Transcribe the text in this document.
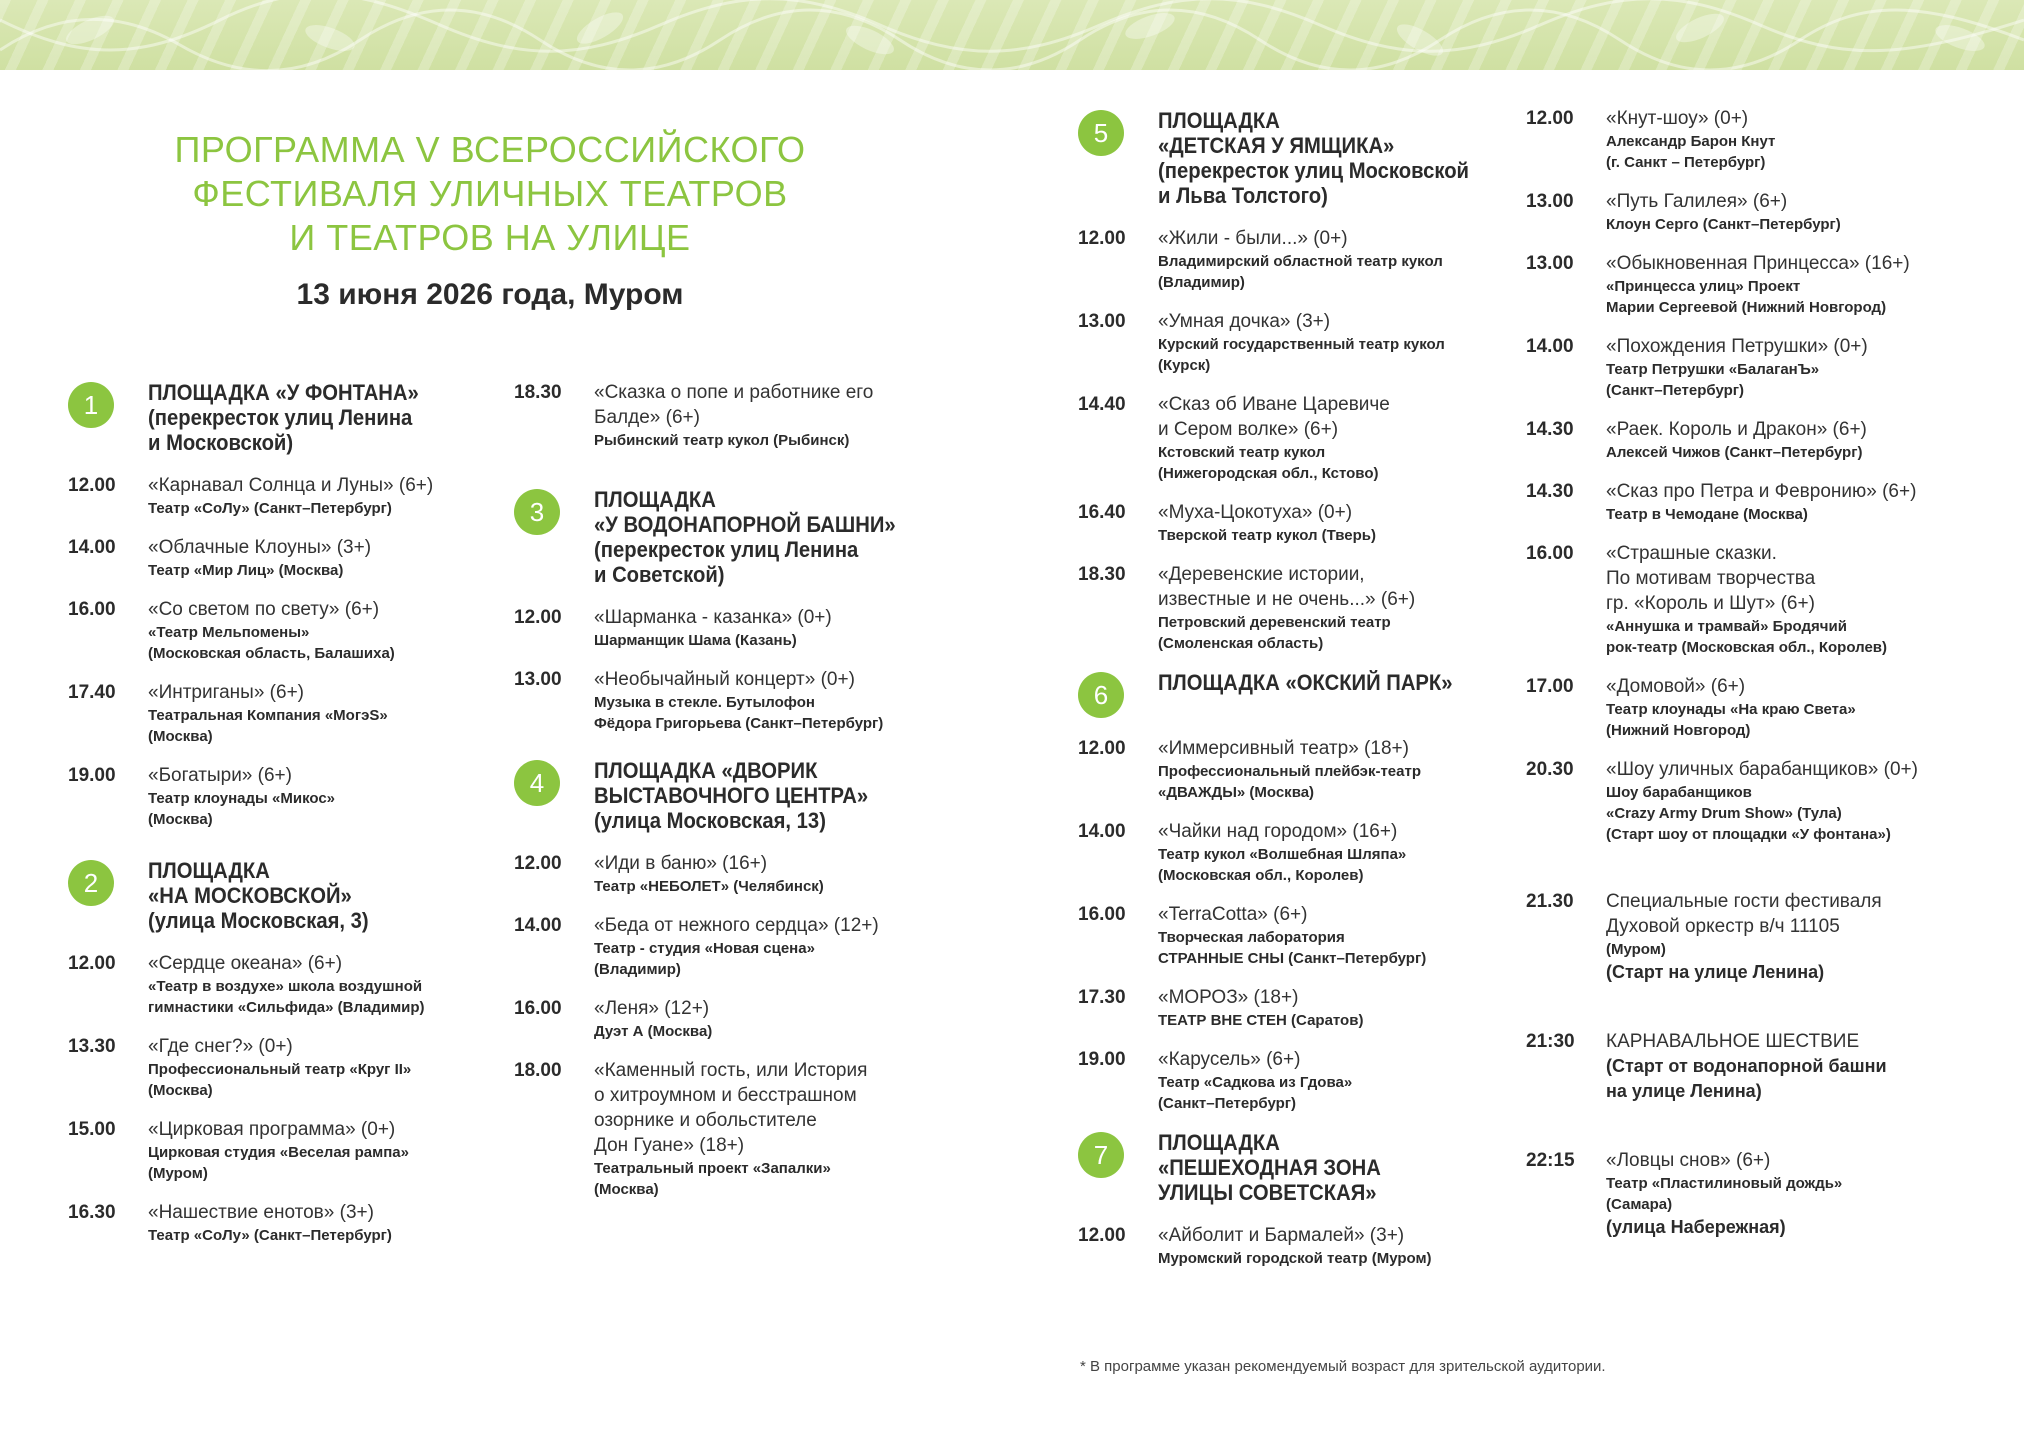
ПРОГРАММА V ВСЕРОССИЙСКОГО
ФЕСТИВАЛЯ УЛИЧНЫХ ТЕАТРОВ
И ТЕАТРОВ НА УЛИЦЕ
13 июня 2026 года, Муром
1	ПЛОЩАДКА «У ФОНТАНА»
(перекресток улиц Ленина
и Московской)
12.00	«Карнавал Солнца и Луны» (6+)
Театр «СоЛу» (Санкт–Петербург)
14.00	«Облачные Клоуны» (3+)
Театр «Мир Лиц» (Москва)
16.00	«Со светом по свету» (6+)
«Театр Мельпомены»
(Московская область, Балашиха)
17.40	«Интриганы» (6+)
Театральная Компания «MoгэS»
(Москва)
19.00	«Богатыри» (6+)
Театр клоунады «Микос»
(Москва)
2	ПЛОЩАДКА
«НА МОСКОВСКОЙ»
(улица Московская, 3)
12.00	«Сердце океана» (6+)
«Театр в воздухе» школа воздушной
гимнастики «Сильфида» (Владимир)
13.30	«Где снег?» (0+)
Профессиональный театр «Круг II»
(Москва)
15.00	«Цирковая программа» (0+)
Цирковая студия «Веселая рампа»
(Муром)
16.30	«Нашествие енотов» (3+)
Театр «СоЛу» (Санкт–Петербург)
18.30	«Сказка о попе и работнике его
Балде» (6+)
Рыбинский театр кукол (Рыбинск)
3	ПЛОЩАДКА
«У ВОДОНАПОРНОЙ БАШНИ»
(перекресток улиц Ленина
и Советской)
12.00	«Шарманка - казанка» (0+)
Шарманщик Шама (Казань)
13.00	«Необычайный концерт» (0+)
Музыка в стекле. Бутылофон
Фёдора Григорьева (Санкт–Петербург)
4	ПЛОЩАДКА «ДВОРИК
ВЫСТАВОЧНОГО ЦЕНТРА»
(улица Московская, 13)
12.00	«Иди в баню» (16+)
Театр «НЕБОЛЕТ» (Челябинск)
14.00	«Беда от нежного сердца» (12+)
Театр - студия «Новая сцена»
(Владимир)
16.00	«Леня» (12+)
Дуэт А (Москва)
18.00	«Каменный гость, или История
о хитроумном и бесстрашном
озорнике и обольстителе
Дон Гуане» (18+)
Театральный проект «Запалки»
(Москва)
5	ПЛОЩАДКА
«ДЕТСКАЯ У ЯМЩИКА»
(перекресток улиц Московской
и Льва Толстого)
12.00	«Жили - были...» (0+)
Владимирский областной театр кукол
(Владимир)
13.00	«Умная дочка» (3+)
Курский государственный театр кукол
(Курск)
14.40	«Сказ об Иване Царевиче
и Сером волке» (6+)
Кстовский театр кукол
(Нижегородская обл., Кстово)
16.40	«Муха-Цокотуха» (0+)
Тверской театр кукол (Тверь)
18.30	«Деревенские истории,
известные и не очень...» (6+)
Петровский деревенский театр
(Смоленская область)
6	ПЛОЩАДКА «ОКСКИЙ ПАРК»
12.00	«Иммерсивный театр» (18+)
Профессиональный плейбэк-театр
«ДВАЖДЫ» (Москва)
14.00	«Чайки над городом» (16+)
Театр кукол «Волшебная Шляпа»
(Московская обл., Королев)
16.00	«TerraCotta» (6+)
Творческая лаборатория
СТРАННЫЕ СНЫ (Санкт–Петербург)
17.30	«МОРОЗ» (18+)
ТЕАТР ВНЕ СТЕН (Саратов)
19.00	«Карусель» (6+)
Театр «Садкова из Гдова»
(Санкт–Петербург)
7	ПЛОЩАДКА
«ПЕШЕХОДНАЯ ЗОНА
УЛИЦЫ СОВЕТСКАЯ»
12.00	«Айболит и Бармалей» (3+)
Муромский городской театр (Муром)
12.00	«Кнут-шоу» (0+)
Александр Барон Кнут
(г. Санкт – Петербург)
13.00	«Путь Галилея» (6+)
Клоун Серго (Санкт–Петербург)
13.00	«Обыкновенная Принцесса» (16+)
«Принцесса улиц» Проект
Марии Сергеевой (Нижний Новгород)
14.00	«Похождения Петрушки» (0+)
Театр Петрушки «БалаганЪ»
(Санкт–Петербург)
14.30	«Раек. Король и Дракон» (6+)
Алексей Чижов (Санкт–Петербург)
14.30	«Сказ про Петра и Февронию» (6+)
Театр в Чемодане (Москва)
16.00	«Страшные сказки.
По мотивам творчества
гр. «Король и Шут» (6+)
«Аннушка и трамвай» Бродячий
рок-театр (Московская обл., Королев)
17.00	«Домовой» (6+)
Театр клоунады «На краю Света»
(Нижний Новгород)
20.30	«Шоу уличных барабанщиков» (0+)
Шоу барабанщиков
«Crazy Army Drum Show» (Тула)
(Старт шоу от площадки «У фонтана»)
21.30	Специальные гости фестиваля
Духовой оркестр в/ч 11105
(Муром)
(Старт на улице Ленина)
21:30	КАРНАВАЛЬНОЕ ШЕСТВИЕ
(Старт от водонапорной башни
на улице Ленина)
22:15	«Ловцы снов» (6+)
Театр «Пластилиновый дождь»
(Самара)
(улица Набережная)
* В программе указан рекомендуемый возраст для зрительской аудитории.
